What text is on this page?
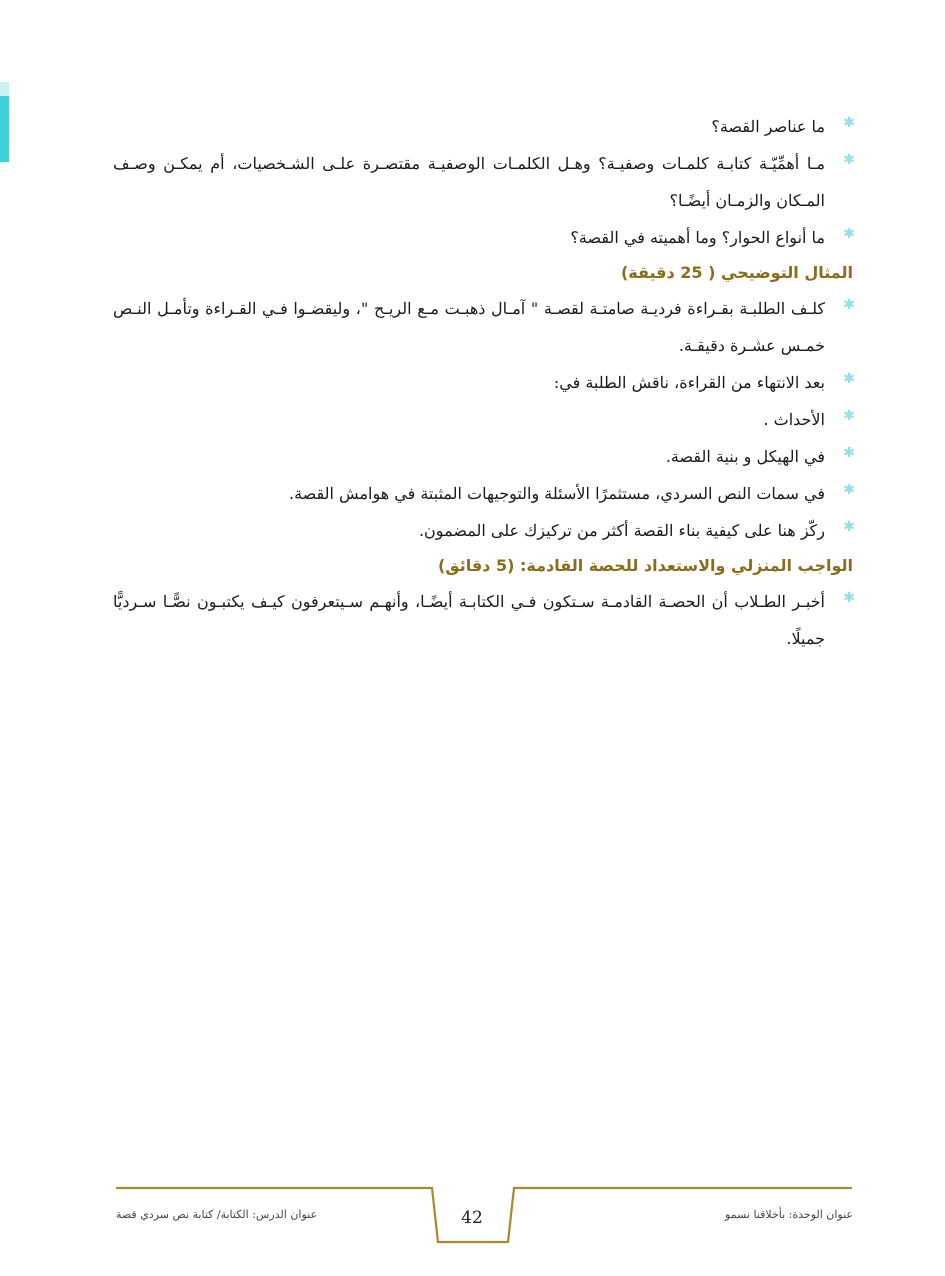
✱
ما عناصر القصة؟

✱
مـا أهمِّيّـة كتابـة كلمـات وصفيـة؟ وهـل الكلمـات الوصفيـة مقتصـرة علـى الشـخصيات، أم يمكـن وصـف المـكان والزمـان أيضًـا؟

✱
ما أنواع الحوار؟ وما أهميته في القصة؟

المثال التوضيحي ( 25 دقيقة)

✱
كلـف الطلبـة بقـراءة فرديـة صامتـة لقصـة " آمـال ذهبـت مـع الريـح "، وليقضـوا فـي القـراءة وتأمـل النـص خمـس عشـرة دقيقـة.

✱
بعد الانتهاء من القراءة، ناقش الطلبة في:

✱
الأحداث .

✱
في الهيكل و بنية القصة.

✱
في سمات النص السردي، مستثمرًا الأسئلة والتوجيهات المثبتة في هوامش القصة.

✱
ركّز هنا على كيفية بناء القصة أكثر من تركيزك على المضمون.

الواجب المنزلي والاستعداد للحصة القادمة: (5 دقائق)

✱
أخبـر الطـلاب أن الحصـة القادمـة سـتكون فـي الكتابـة أيضًـا، وأنهـم سـيتعرفون كيـف يكتبـون نصًّـا سـرديًّا جميلًا.

عنوان الوحدة: بأخلاقنا نسمو
عنوان الدرس: الكتابة/ كتابة نص سردي قصة	42
